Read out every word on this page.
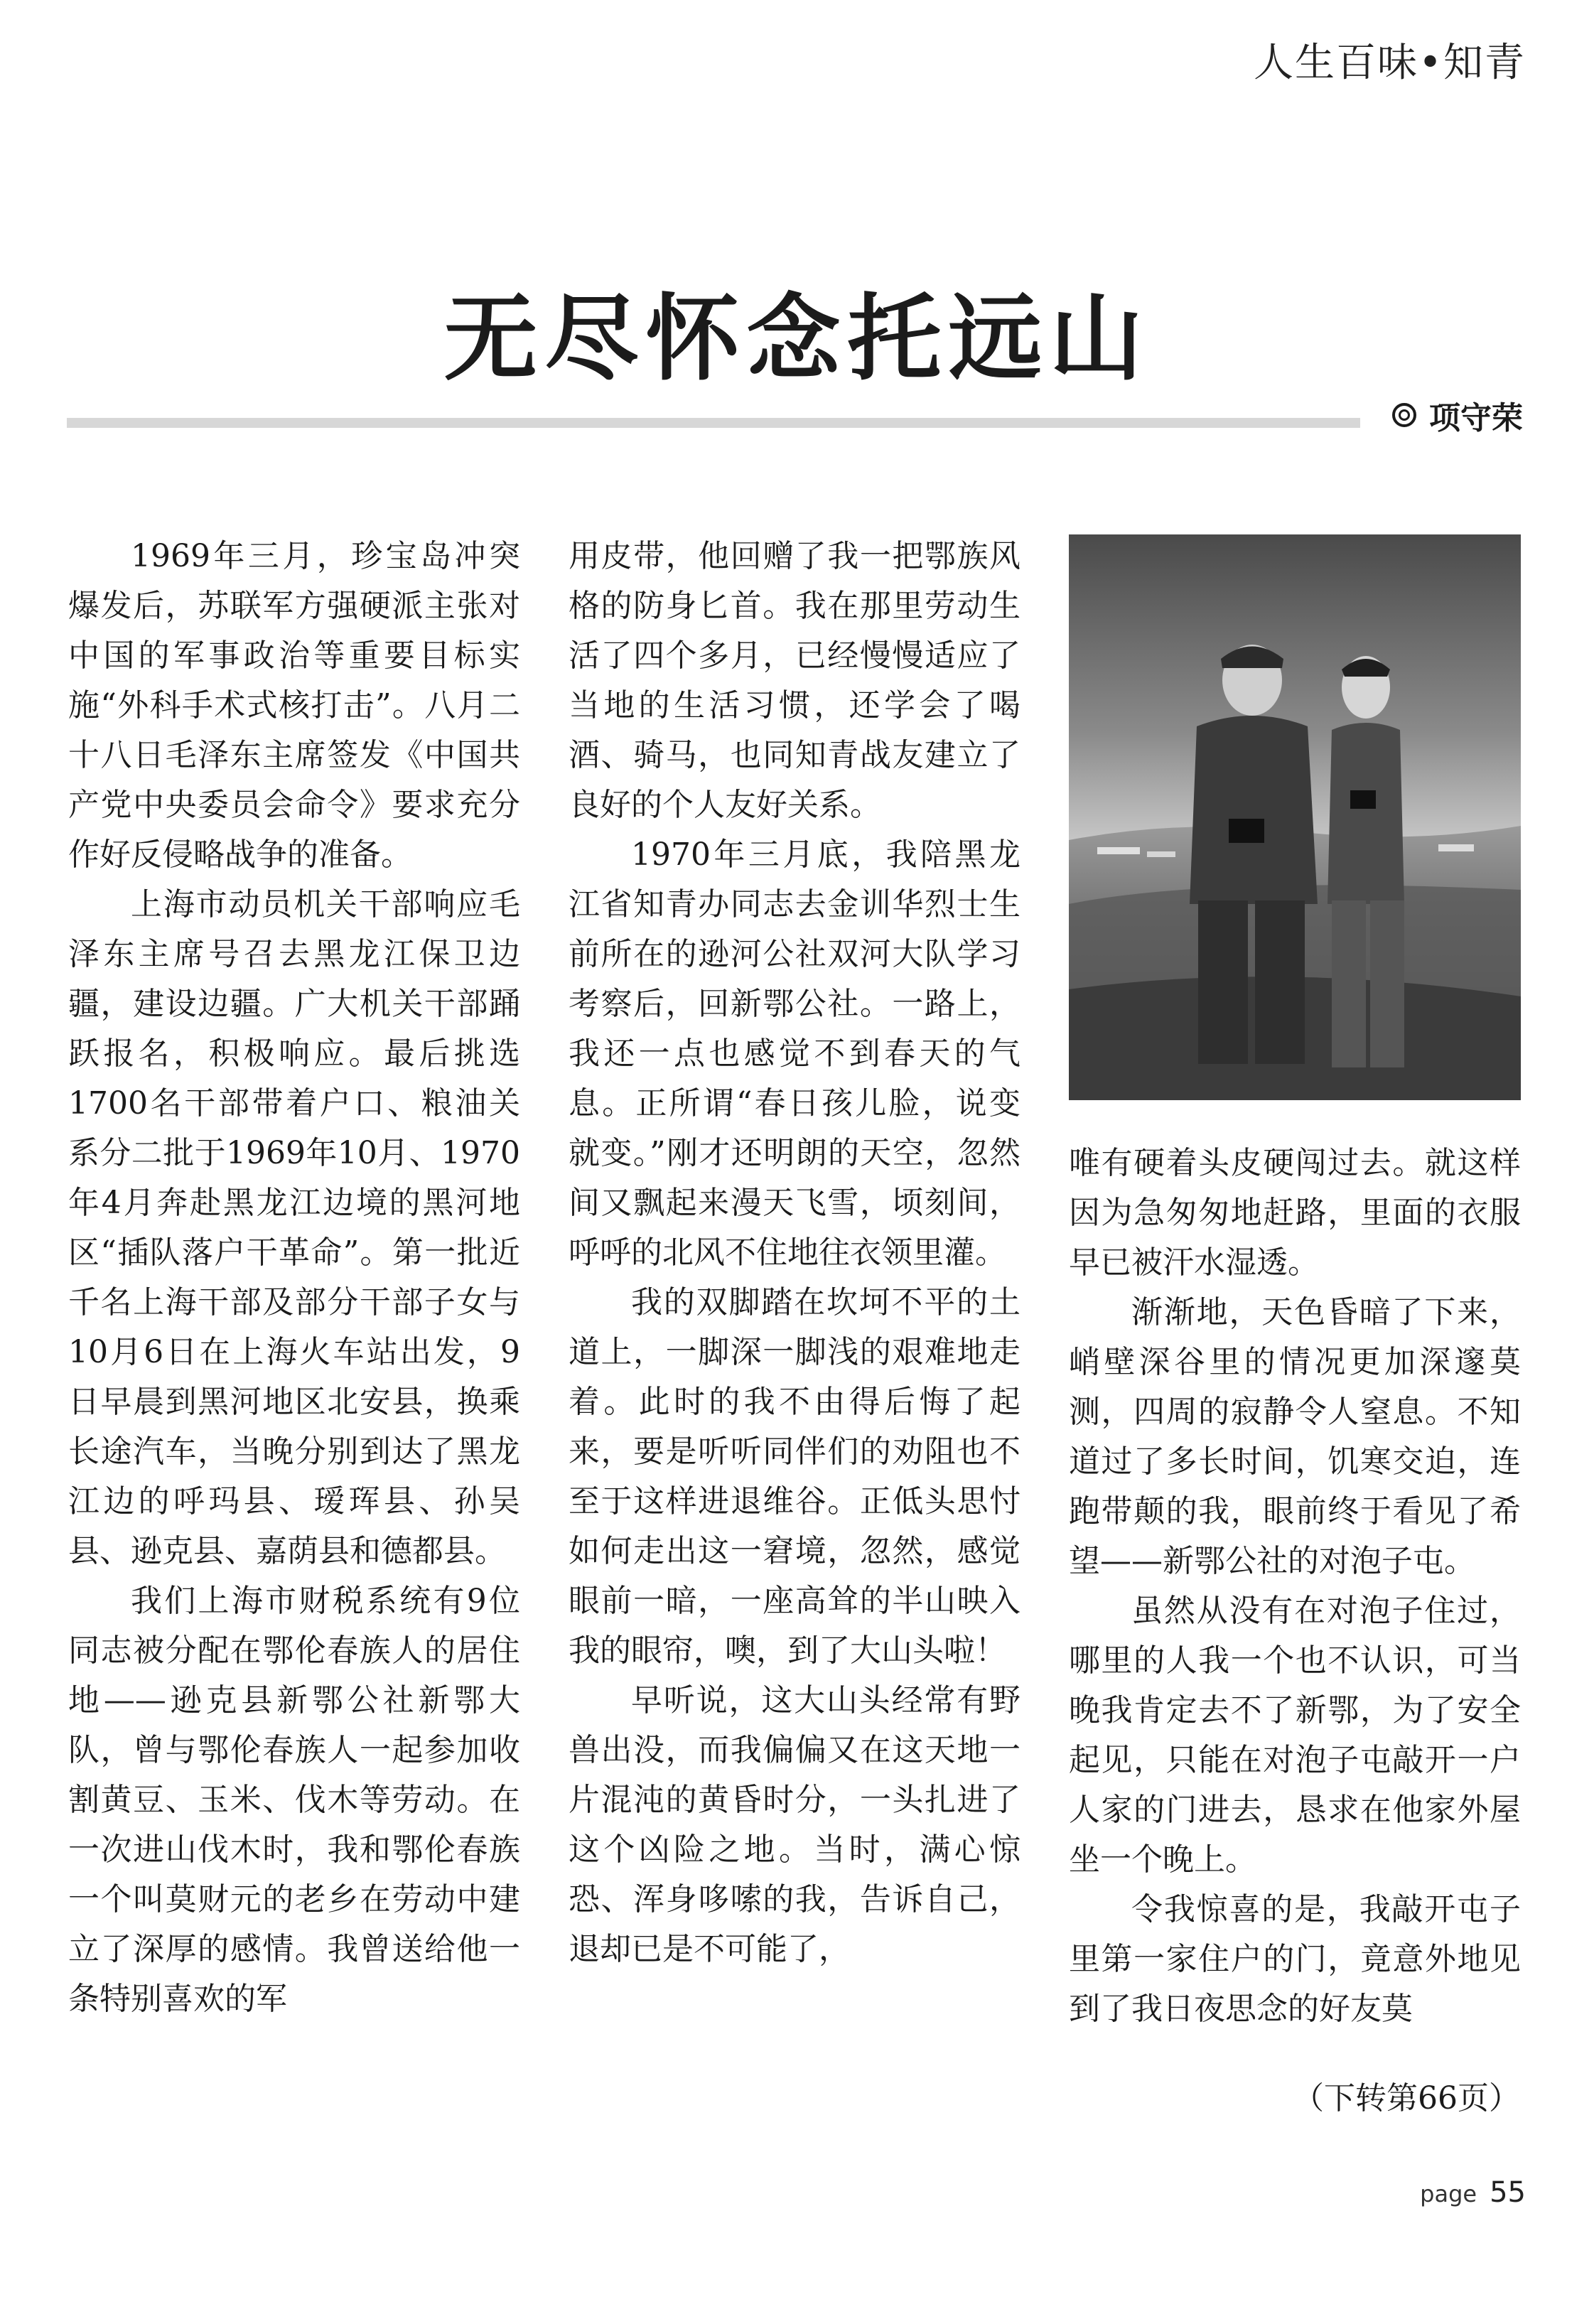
人生百味•知青
无尽怀念托远山
项守荣

1969年三月，珍宝岛冲突爆发后，苏联军方强硬派主张对中国的军事政治等重要目标实施“外科手术式核打击”。八月二十八日毛泽东主席签发《中国共产党中央委员会命令》要求充分作好反侵略战争的准备。

上海市动员机关干部响应毛泽东主席号召去黑龙江保卫边疆，建设边疆。广大机关干部踊跃报名，积极响应。最后挑选1700名干部带着户口、粮油关系分二批于1969年10月、1970年4月奔赴黑龙江边境的黑河地区“插队落户干革命”。第一批近千名上海干部及部分干部子女与10月6日在上海火车站出发，9日早晨到黑河地区北安县，换乘长途汽车，当晚分别到达了黑龙江边的呼玛县、瑷珲县、孙吴县、逊克县、嘉荫县和德都县。

我们上海市财税系统有9位同志被分配在鄂伦春族人的居住地——逊克县新鄂公社新鄂大队，曾与鄂伦春族人一起参加收割黄豆、玉米、伐木等劳动。在一次进山伐木时，我和鄂伦春族一个叫莫财元的老乡在劳动中建立了深厚的感情。我曾送给他一条特别喜欢的军

用皮带，他回赠了我一把鄂族风格的防身匕首。我在那里劳动生活了四个多月，已经慢慢适应了当地的生活习惯，还学会了喝酒、骑马，也同知青战友建立了良好的个人友好关系。

1970年三月底，我陪黑龙江省知青办同志去金训华烈士生前所在的逊河公社双河大队学习考察后，回新鄂公社。一路上，我还一点也感觉不到春天的气息。正所谓“春日孩儿脸，说变就变。”刚才还明朗的天空，忽然间又飘起来漫天飞雪，顷刻间，呼呼的北风不住地往衣领里灌。

我的双脚踏在坎坷不平的土道上，一脚深一脚浅的艰难地走着。此时的我不由得后悔了起来，要是听听同伴们的劝阻也不至于这样进退维谷。正低头思忖如何走出这一窘境，忽然，感觉眼前一暗，一座高耸的半山映入我的眼帘，噢，到了大山头啦！

早听说，这大山头经常有野兽出没，而我偏偏又在这天地一片混沌的黄昏时分，一头扎进了这个凶险之地。当时，满心惊恐、浑身哆嗦的我，告诉自己，退却已是不可能了，

唯有硬着头皮硬闯过去。就这样因为急匆匆地赶路，里面的衣服早已被汗水湿透。

渐渐地，天色昏暗了下来，峭壁深谷里的情况更加深邃莫测，四周的寂静令人窒息。不知道过了多长时间，饥寒交迫，连跑带颠的我，眼前终于看见了希望——新鄂公社的对泡子屯。

虽然从没有在对泡子住过，哪里的人我一个也不认识，可当晚我肯定去不了新鄂，为了安全起见，只能在对泡子屯敲开一户人家的门进去，恳求在他家外屋坐一个晚上。

令我惊喜的是，我敲开屯子里第一家住户的门，竟意外地见到了我日夜思念的好友莫

（下转第66页）
page 55
